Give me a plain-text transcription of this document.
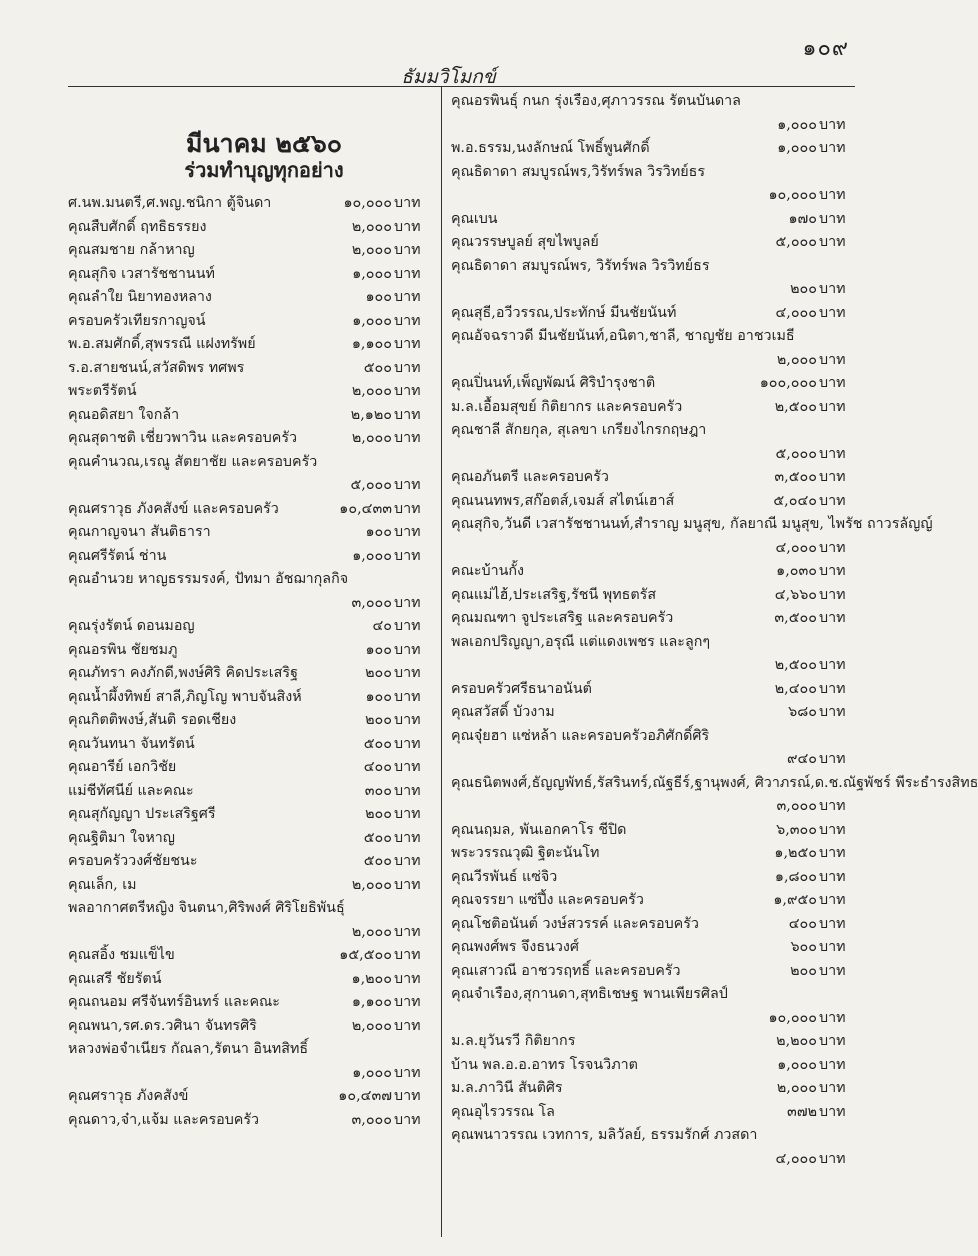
๑๐๙
ธัมมวิโมกข์
มีนาคม ๒๕๖๐
ร่วมทำบุญทุกอย่าง
ศ.นพ.มนตรี,ศ.พญ.ชนิกา ตู้จินดา	๑๐,๐๐๐ บาท
คุณสืบศักดิ์ ฤทธิธรรยง	๒,๐๐๐ บาท
คุณสมชาย กล้าหาญ	๒,๐๐๐ บาท
คุณสุกิจ เวสารัชชานนท์	๑,๐๐๐ บาท
คุณลำใย นิยาทองหลาง	๑๐๐ บาท
ครอบครัวเทียรกาญจน์	๑,๐๐๐ บาท
พ.อ.สมศักดิ์,สุพรรณี แฝงทรัพย์	๑,๑๐๐ บาท
ร.อ.สายชนน์,สวัสดิพร ทศพร	๕๐๐ บาท
พระตรีรัตน์	๒,๐๐๐ บาท
คุณอดิสยา ใจกล้า	๒,๑๒๐ บาท
คุณสุดาชติ เชี่ยวพาวิน และครอบครัว	๒,๐๐๐ บาท
คุณคำนวณ,เรณู สัตยาชัย และครอบครัว
๕,๐๐๐ บาท
คุณศราวุธ ภังคสังข์ และครอบครัว	๑๐,๔๓๓ บาท
คุณกาญจนา สันติธารา	๑๐๐ บาท
คุณศรีรัตน์ ช่าน	๑,๐๐๐ บาท
คุณอำนวย หาญธรรมรงค์, ปัทมา อัชฌากุลกิจ
๓,๐๐๐ บาท
คุณรุ่งรัตน์ ดอนมอญ	๔๐ บาท
คุณอรพิน ชัยชมภู	๑๐๐ บาท
คุณภัทรา คงภักดี,พงษ์ศิริ คิดประเสริฐ	๒๐๐ บาท
คุณน้ำผึ้งทิพย์ สาลี,ภิญโญ พาบจันสิงห์	๑๐๐ บาท
คุณกิตติพงษ์,สันติ รอดเชียง	๒๐๐ บาท
คุณวันทนา จันทรัตน์	๕๐๐ บาท
คุณอารีย์ เอกวิชัย	๔๐๐ บาท
แม่ชีทัศนีย์ และคณะ	๓๐๐ บาท
คุณสุกัญญา ประเสริฐศรี	๒๐๐ บาท
คุณฐิติมา ใจหาญ	๕๐๐ บาท
ครอบครัววงศ์ชัยชนะ	๕๐๐ บาท
คุณเล็ก, เม	๒,๐๐๐ บาท
พลอากาศตรีหญิง จินตนา,ศิริพงศ์ ศิริโยธิพันธุ์
๒,๐๐๐ บาท
คุณสอิ้ง ชมแข็ไข	๑๕,๕๐๐ บาท
คุณเสรี ชัยรัตน์	๑,๒๐๐ บาท
คุณถนอม ศรีจันทร์อินทร์ และคณะ	๑,๑๐๐ บาท
คุณพนา,รศ.ดร.วศินา จันทรศิริ	๒,๐๐๐ บาท
หลวงพ่อจำเนียร กัณลา,รัตนา อินทสิทธิ์
๑,๐๐๐ บาท
คุณศราวุธ ภังคสังข์	๑๐,๔๓๗ บาท
คุณดาว,จ๋า,แจ้ม และครอบครัว	๓,๐๐๐ บาท
คุณอรพินธุ์ กนก รุ่งเรือง,ศุภาวรรณ รัตนบันดาล
๑,๐๐๐ บาท
พ.อ.ธรรม,นงลักษณ์ โพธิ์พูนศักดิ์	๑,๐๐๐ บาท
คุณธิดาดา สมบูรณ์พร,วิรัทร์พล วิรวิทย์ธร
๑๐,๐๐๐ บาท
คุณเบน	๑๗๐ บาท
คุณวรรษบูลย์ สุขไพบูลย์	๕,๐๐๐ บาท
คุณธิดาดา สมบูรณ์พร, วิรัทร์พล วิรวิทย์ธร
๒๐๐ บาท
คุณสุธี,อวีวรรณ,ประทักษ์ มีนชัยนันท์	๔,๐๐๐ บาท
คุณอัจฉราวดี มีนชัยนันท์,อนิตา,ชาลี, ชาญชัย อาชวเมธี
๒,๐๐๐ บาท
คุณปิ่นนท์,เพ็ญพัฒน์ ศิริบำรุงชาติ	๑๐๐,๐๐๐ บาท
ม.ล.เอื้อมสุขย์ กิติยากร และครอบครัว	๒,๕๐๐ บาท
คุณชาลี สักยกุล, สุเลขา เกรียงไกรกฤษฎา
๕,๐๐๐ บาท
คุณอภันตรี และครอบครัว	๓,๕๐๐ บาท
คุณนนทพร,สก๊อตส์,เจมส์ สไตน์เฮาส์	๕,๐๔๐ บาท
คุณสุกิจ,วันดี เวสารัชชานนท์,สำราญ มนูสุข, กัลยาณี มนูสุข, ไพรัช ถาวรลัญญ์
๔,๐๐๐ บาท
คณะบ้านกั้ง	๑,๐๓๐ บาท
คุณแม่ไฮ้,ประเสริฐ,รัชนี พุทธตรัส	๔,๖๖๐ บาท
คุณมณฑา จูประเสริฐ และครอบครัว	๓,๕๐๐ บาท
พลเอกปริญญา,อรุณี แต่แดงเพชร และลูกๆ
๒,๕๐๐ บาท
ครอบครัวศรีธนาอนันต์	๒,๔๐๐ บาท
คุณสวัสดิ์ บัวงาม	๖๘๐ บาท
คุณจุ๋ยฮา แซ่หล้า และครอบครัวอภิศักดิ์ศิริ
๙๔๐ บาท
คุณธนิตพงศ์,ธัญญพัทธ์,รัสรินทร์,ณัฐธีร์,ฐานุพงศ์, ศิวาภรณ์,ด.ช.ณัฐพัชร์ พีระธำรงสิทธ
๓,๐๐๐ บาท
คุณนฤมล, พันเอกคาโร ชีปิด	๖,๓๐๐ บาท
พระวรรณวุฒิ ฐิตะนันโท	๑,๒๕๐ บาท
คุณวีรพันธ์ แซ่จิว	๑,๘๐๐ บาท
คุณจรรยา แซ่ปึ้ง และครอบครัว	๑,๙๕๐ บาท
คุณโชติอนันต์ วงษ์สวรรค์ และครอบครัว	๔๐๐ บาท
คุณพงศ์พร จึงธนวงศ์	๖๐๐ บาท
คุณเสาวณี อาชวรฤทธิ์ และครอบครัว	๒๐๐ บาท
คุณจำเรือง,สุกานดา,สุทธิเชษฐ พานเพียรศิลป์
๑๐,๐๐๐ บาท
ม.ล.ยุวันรวี กิติยากร	๒,๒๐๐ บาท
บ้าน พล.อ.อ.อาทร โรจนวิภาต	๑,๐๐๐ บาท
ม.ล.ภาวินี สันติศิร	๒,๐๐๐ บาท
คุณอุไรวรรณ โล	๓๗๒ บาท
คุณพนาวรรณ เวทการ, มลิวัลย์, ธรรมรักศ์ ภวสดา
๔,๐๐๐ บาท
